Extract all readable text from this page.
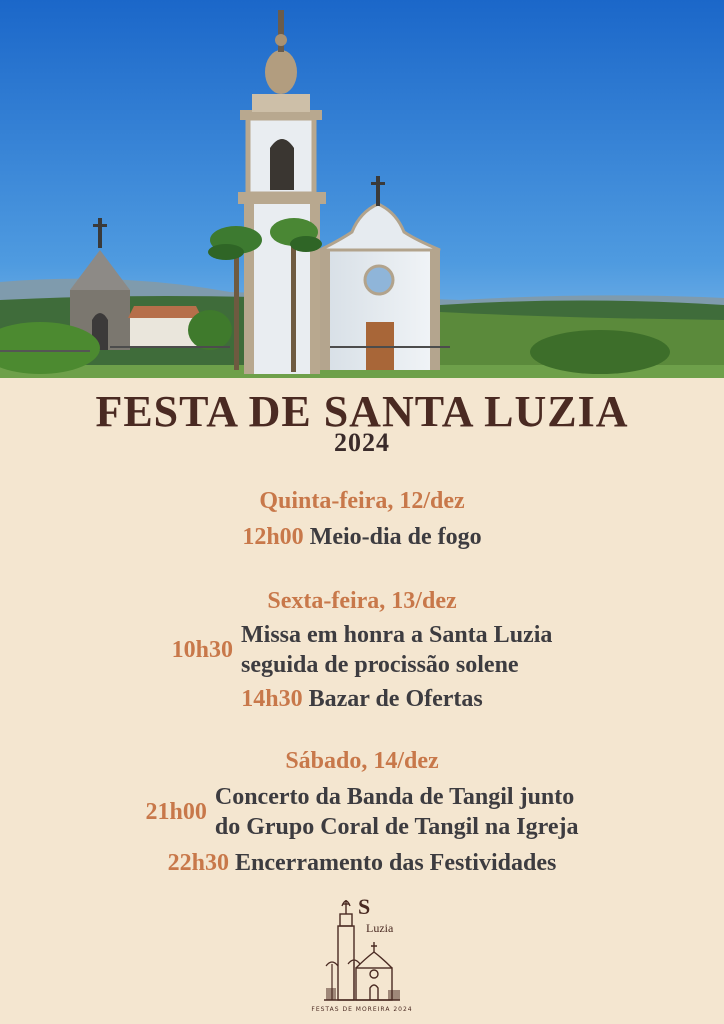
FESTA DE SANTA LUZIA
2024
Quinta-feira, 12/dez
12h00 Meio-dia de fogo
Sexta-feira, 13/dez
10h30
Missa em honra a Santa Luzia
seguida de procissão solene
14h30 Bazar de Ofertas
Sábado, 14/dez
21h00
Concerto da Banda de Tangil junto
do Grupo Coral de Tangil na Igreja
22h30 Encerramento das Festividades
S
Luzia
FESTAS DE MOREIRA 2024
